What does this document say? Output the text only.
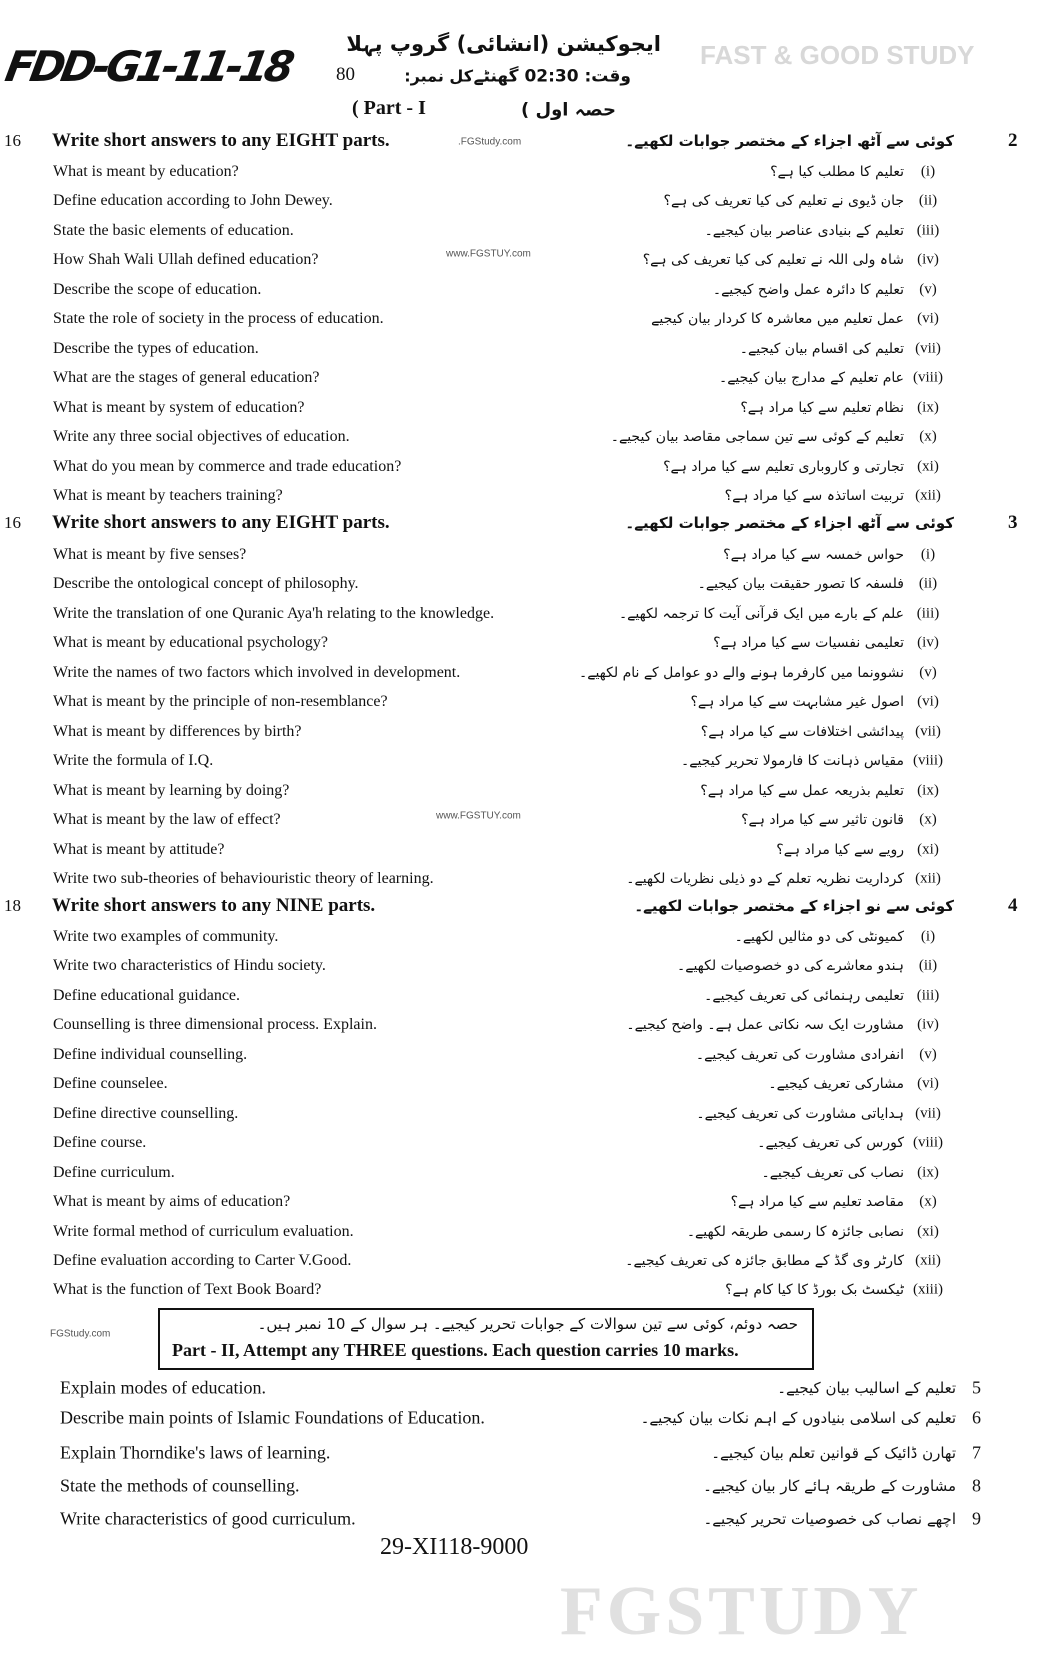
FGSTUDY
FAST & GOOD STUDY
FDD-G1-11-18 ایجوکیشن (انشائی) گروپ پہلا
وقت: 02:30 گھنٹے
کل نمبر:
80
( Part - I	حصہ اول )
.FGStudy.com
www.FGSTUY.com
www.FGSTUY.com
FGStudy.com
16 Write short answers to any EIGHT parts.	کوئی سے آٹھ اجزاء کے مختصر جوابات لکھیے۔	2
What is meant by education?	تعلیم کا مطلب کیا ہے؟	(i)
Define education according to John Dewey.	جان ڈیوی نے تعلیم کی کیا تعریف کی ہے؟ (ii)
State the basic elements of education.	تعلیم کے بنیادی عناصر بیان کیجیے۔ (iii)
How Shah Wali Ullah defined education?	شاہ ولی اللہ نے تعلیم کی کیا تعریف کی ہے؟ (iv)
Describe the scope of education.	تعلیم کا دائرہ عمل واضح کیجیے۔	(v)
State the role of society in the process of education.	عمل تعلیم میں معاشرہ کا کردار بیان کیجیے (vi)
Describe the types of education.	تعلیم کی اقسام بیان کیجیے۔ (vii)
What are the stages of general education?	عام تعلیم کے مدارج بیان کیجیے۔ (viii)
What is meant by system of education?	نظام تعلیم سے کیا مراد ہے؟ (ix)
Write any three social objectives of education.	تعلیم کے کوئی سے تین سماجی مقاصد بیان کیجیے۔	(x)
What do you mean by commerce and trade education?	تجارتی و کاروباری تعلیم سے کیا مراد ہے؟ (xi)
What is meant by teachers training?	تربیت اساتذہ سے کیا مراد ہے؟ (xii)
16 Write short answers to any EIGHT parts.	کوئی سے آٹھ اجزاء کے مختصر جوابات لکھیے۔	3
What is meant by five senses?	حواس خمسہ سے کیا مراد ہے؟	(i)
Describe the ontological concept of philosophy.	فلسفہ کا تصور حقیقت بیان کیجیے۔ (ii)
Write the translation of one Quranic Aya'h relating to the knowledge.	علم کے بارے میں ایک قرآنی آیت کا ترجمہ لکھیے۔ (iii)
What is meant by educational psychology?	تعلیمی نفسیات سے کیا مراد ہے؟ (iv)
Write the names of two factors which involved in development.	نشوونما میں کارفرما ہونے والے دو عوامل کے نام لکھیے۔	(v)
What is meant by the principle of non-resemblance?	اصول غیر مشابہت سے کیا مراد ہے؟ (vi)
What is meant by differences by birth?	پیدائشی اختلافات سے کیا مراد ہے؟ (vii)
Write the formula of I.Q.	مقیاس ذہانت کا فارمولا تحریر کیجیے۔ (viii)
What is meant by learning by doing?	تعلیم بذریعہ عمل سے کیا مراد ہے؟ (ix)
What is meant by the law of effect?	قانون تاثیر سے کیا مراد ہے؟	(x)
What is meant by attitude?	رویے سے کیا مراد ہے؟ (xi)
Write two sub-theories of behaviouristic theory of learning.	کرداریت نظریہ تعلم کے دو ذیلی نظریات لکھیے۔ (xii)
18 Write short answers to any NINE parts.	کوئی سے نو اجزاء کے مختصر جوابات لکھیے۔	4
Write two examples of community.	کمیونٹی کی دو مثالیں لکھیے۔	(i)
Write two characteristics of Hindu society.	ہندو معاشرے کی دو خصوصیات لکھیے۔ (ii)
Define educational guidance.	تعلیمی رہنمائی کی تعریف کیجیے۔ (iii)
Counselling is three dimensional process. Explain.	مشاورت ایک سہ نکاتی عمل ہے۔ واضح کیجیے۔ (iv)
Define individual counselling.	انفرادی مشاورت کی تعریف کیجیے۔	(v)
Define counselee.	مشارکی تعریف کیجیے۔ (vi)
Define directive counselling.	ہدایاتی مشاورت کی تعریف کیجیے۔ (vii)
Define course.	کورس کی تعریف کیجیے۔ (viii)
Define curriculum.	نصاب کی تعریف کیجیے۔ (ix)
What is meant by aims of education?	مقاصد تعلیم سے کیا مراد ہے؟	(x)
Write formal method of curriculum evaluation.	نصابی جائزہ کا رسمی طریقہ لکھیے۔ (xi)
Define evaluation according to Carter V.Good.	کارٹر وی گڈ کے مطابق جائزہ کی تعریف کیجیے۔ (xii)
What is the function of Text Book Board?	ٹیکسٹ بک بورڈ کا کیا کام ہے؟ (xiii)
حصہ دوئم، کوئی سے تین سوالات کے جوابات تحریر کیجیے۔ ہر سوال کے 10 نمبر ہیں۔
Part - II, Attempt any THREE questions. Each question carries 10 marks.
Explain modes of education.	تعلیم کے اسالیب بیان کیجیے۔ 5
Describe main points of Islamic Foundations of Education.	تعلیم کی اسلامی بنیادوں کے اہم نکات بیان کیجیے۔ 6
Explain Thorndike's laws of learning.	تھارن ڈائیک کے قوانین تعلم بیان کیجیے۔ 7
State the methods of counselling.	مشاورت کے طریقہ ہائے کار بیان کیجیے۔ 8
Write characteristics of good curriculum.	اچھے نصاب کی خصوصیات تحریر کیجیے۔ 9
29-XI118-9000
